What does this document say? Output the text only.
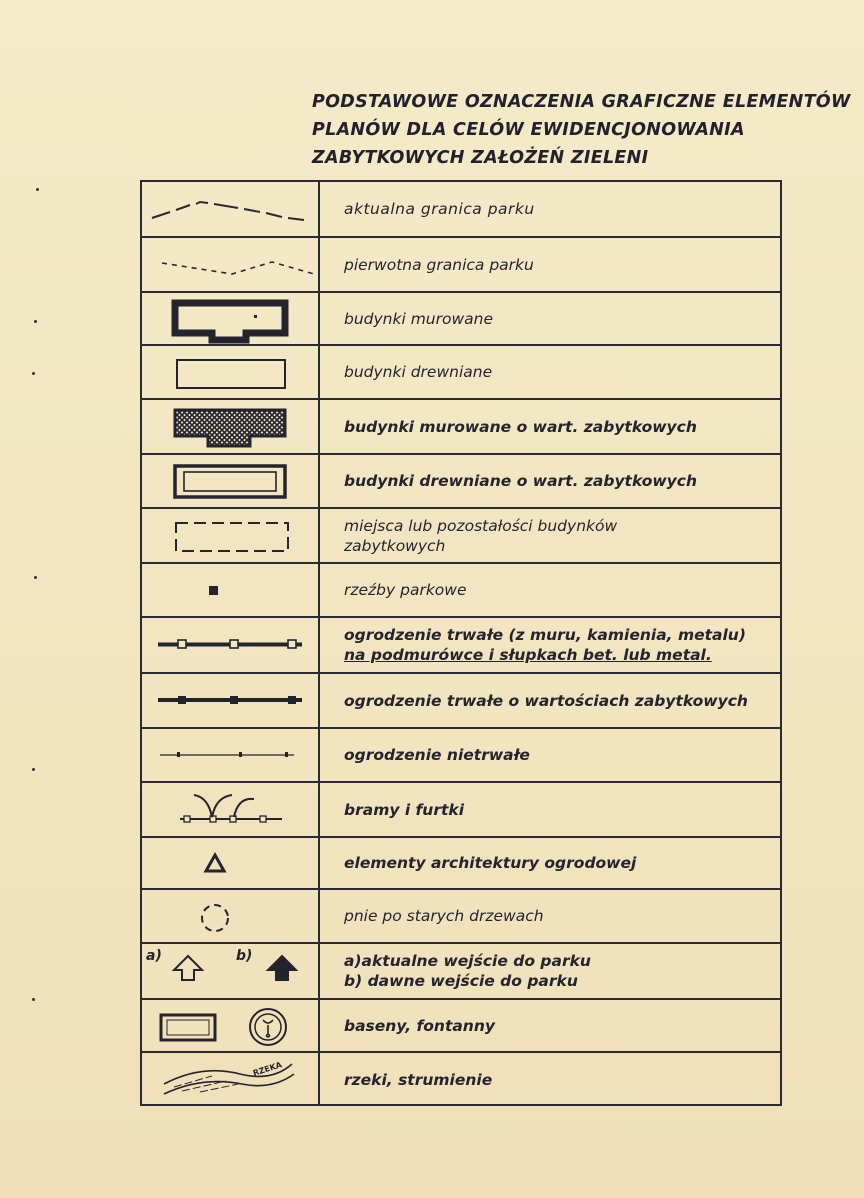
PODSTAWOWE OZNACZENIA GRAFICZNE ELEMENTÓW
PLANÓW DLA CELÓW EWIDENCJONOWANIA
ZABYTKOWYCH ZAŁOŻEŃ ZIELENI
aktualna granica parku
pierwotna granica parku
budynki murowane
budynki drewniane
budynki murowane o wart. zabytkowych
budynki drewniane o wart. zabytkowych
miejsca lub pozostałości budynków
zabytkowych
rzeźby parkowe
ogrodzenie trwałe (z muru, kamienia, metalu)
na podmurówce i słupkach bet. lub metal.
ogrodzenie trwałe o wartościach zabytkowych
ogrodzenie nietrwałe
bramy i furtki
elementy architektury ogrodowej
pnie po starych drzewach
a)	b)	a)aktualne wejście do parku
b) dawne wejście do parku
baseny, fontanny
RZEKA
rzeki, strumienie
